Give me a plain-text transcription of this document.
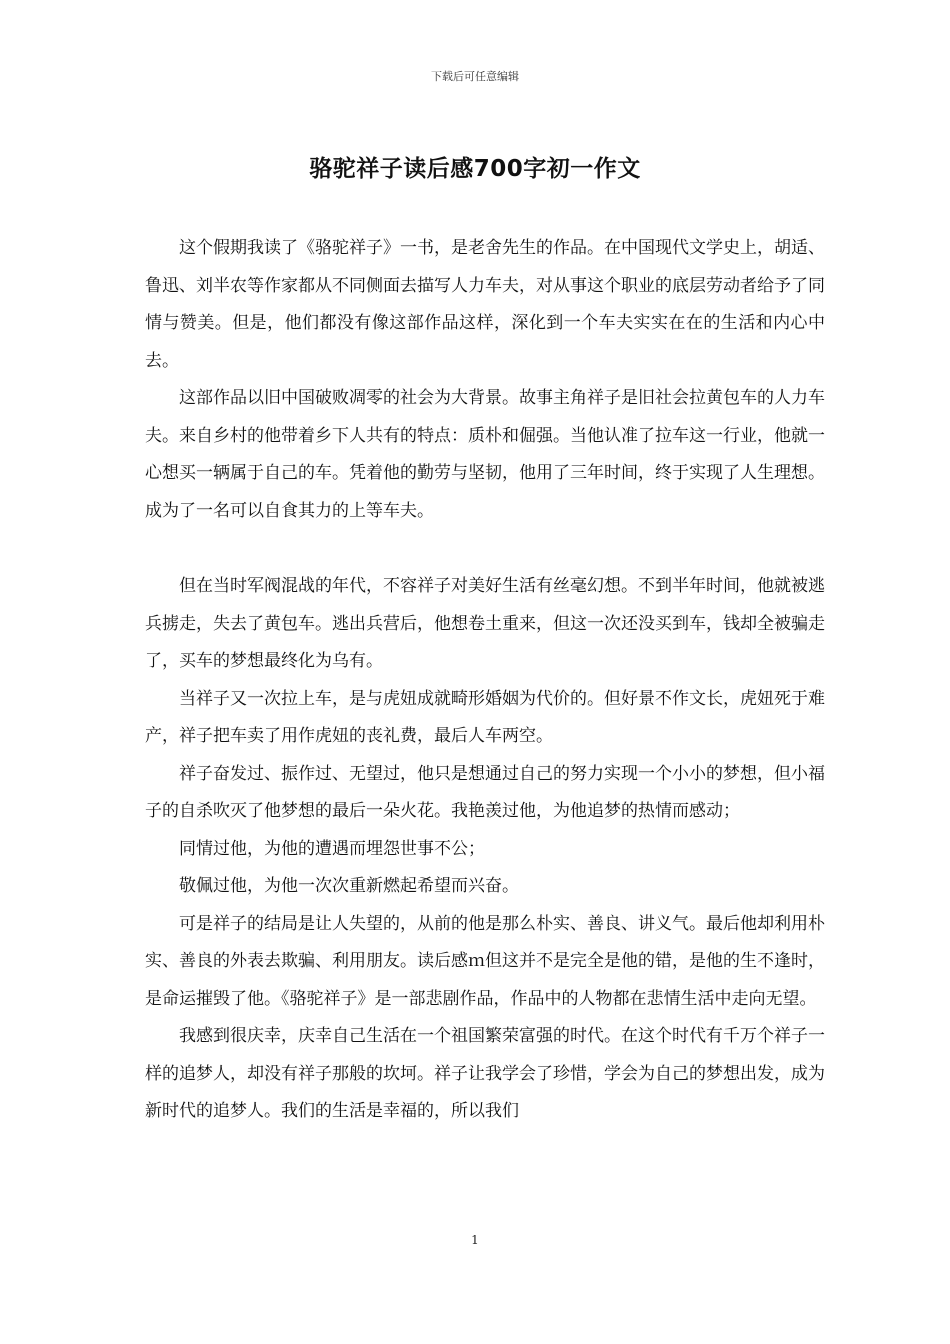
下载后可任意编辑
骆驼祥子读后感700字初一作文

这个假期我读了《骆驼祥子》一书，是老舍先生的作品。在中国现代文学史上，胡适、鲁迅、刘半农等作家都从不同侧面去描写人力车夫，对从事这个职业的底层劳动者给予了同情与赞美。但是，他们都没有像这部作品这样，深化到一个车夫实实在在的生活和内心中去。

这部作品以旧中国破败凋零的社会为大背景。故事主角祥子是旧社会拉黄包车的人力车夫。来自乡村的他带着乡下人共有的特点：质朴和倔强。当他认准了拉车这一行业，他就一心想买一辆属于自己的车。凭着他的勤劳与坚韧，他用了三年时间，终于实现了人生理想。成为了一名可以自食其力的上等车夫。

但在当时军阀混战的年代，不容祥子对美好生活有丝毫幻想。不到半年时间，他就被逃兵掳走，失去了黄包车。逃出兵营后，他想卷土重来，但这一次还没买到车，钱却全被骗走了，买车的梦想最终化为乌有。

当祥子又一次拉上车，是与虎妞成就畸形婚姻为代价的。但好景不作文长，虎妞死于难产，祥子把车卖了用作虎妞的丧礼费，最后人车两空。

祥子奋发过、振作过、无望过，他只是想通过自己的努力实现一个小小的梦想，但小福子的自杀吹灭了他梦想的最后一朵火花。我艳羡过他，为他追梦的热情而感动；

同情过他，为他的遭遇而埋怨世事不公；

敬佩过他，为他一次次重新燃起希望而兴奋。

可是祥子的结局是让人失望的，从前的他是那么朴实、善良、讲义气。最后他却利用朴实、善良的外表去欺骗、利用朋友。读后感ｍ但这并不是完全是他的错，是他的生不逢时，是命运摧毁了他。《骆驼祥子》是一部悲剧作品，作品中的人物都在悲情生活中走向无望。

我感到很庆幸，庆幸自己生活在一个祖国繁荣富强的时代。在这个时代有千万个祥子一样的追梦人，却没有祥子那般的坎坷。祥子让我学会了珍惜，学会为自己的梦想出发，成为新时代的追梦人。我们的生活是幸福的，所以我们

1
